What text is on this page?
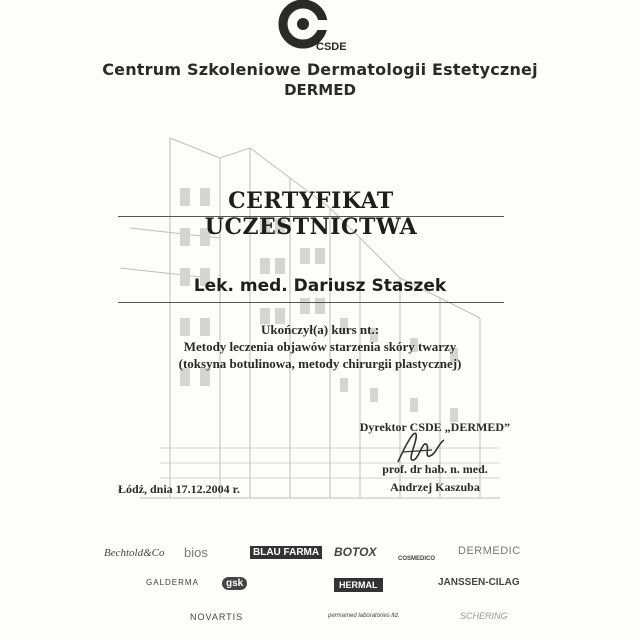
CSDE
Centrum Szkoleniowe Dermatologii Estetycznej
DERMED
CERTYFIKAT UCZESTNICTWA
Lek. med. Dariusz Staszek
Ukończył(a) kurs nt.:
Metody leczenia objawów starzenia skóry twarzy
(toksyna botulinowa, metody chirurgii plastycznej)
Dyrektor CSDE „DERMED”
prof. dr hab. n. med.
Andrzej Kaszuba
Łódź, dnia 17.12.2004 r.
Bechtold&Co bios	BLAU FARMA BOTOX	COSMEDICO
DERMEDIC
GALDERMA	gsk	HERMAL	JANSSEN-CILAG
NOVARTIS	permamed laboratories ltd.	SCHERING
